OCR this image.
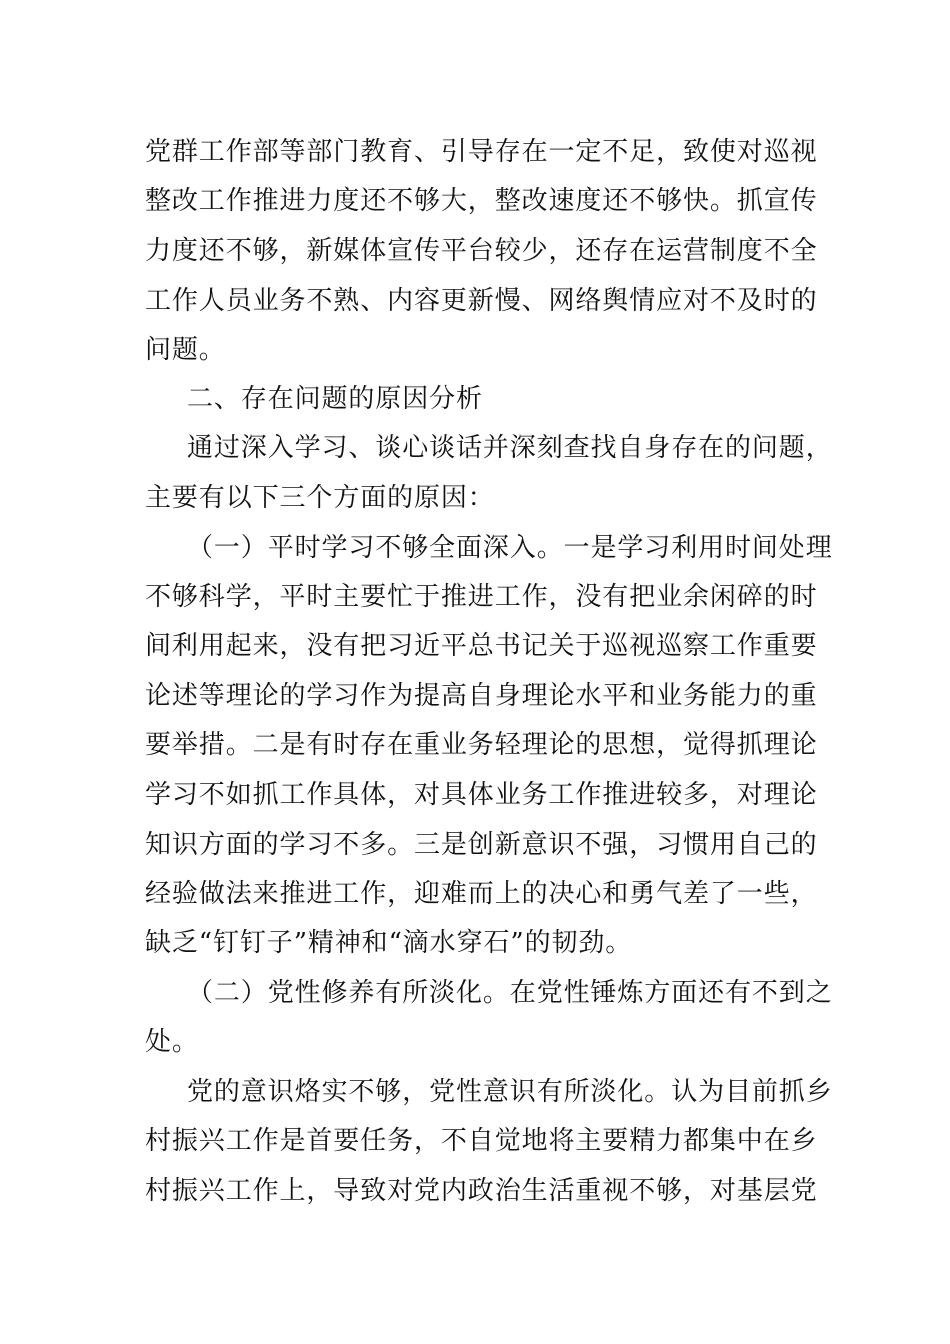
党群工作部等部门教育、引导存在一定不足，致使对巡视
整改工作推进力度还不够大，整改速度还不够快。抓宣传
力度还不够，新媒体宣传平台较少，还存在运营制度不全
工作人员业务不熟、内容更新慢、网络舆情应对不及时的
问题。
二、存在问题的原因分析
通过深入学习、谈心谈话并深刻查找自身存在的问题，
主要有以下三个方面的原因：
（一）平时学习不够全面深入。一是学习利用时间处理
不够科学，平时主要忙于推进工作，没有把业余闲碎的时
间利用起来，没有把习近平总书记关于巡视巡察工作重要
论述等理论的学习作为提高自身理论水平和业务能力的重
要举措。二是有时存在重业务轻理论的思想，觉得抓理论
学习不如抓工作具体，对具体业务工作推进较多，对理论
知识方面的学习不多。三是创新意识不强，习惯用自己的
经验做法来推进工作，迎难而上的决心和勇气差了一些，
缺乏“钉钉子”精神和“滴水穿石”的韧劲。
（二）党性修养有所淡化。在党性锤炼方面还有不到之
处。
党的意识烙实不够，党性意识有所淡化。认为目前抓乡
村振兴工作是首要任务，不自觉地将主要精力都集中在乡
村振兴工作上，导致对党内政治生活重视不够，对基层党
